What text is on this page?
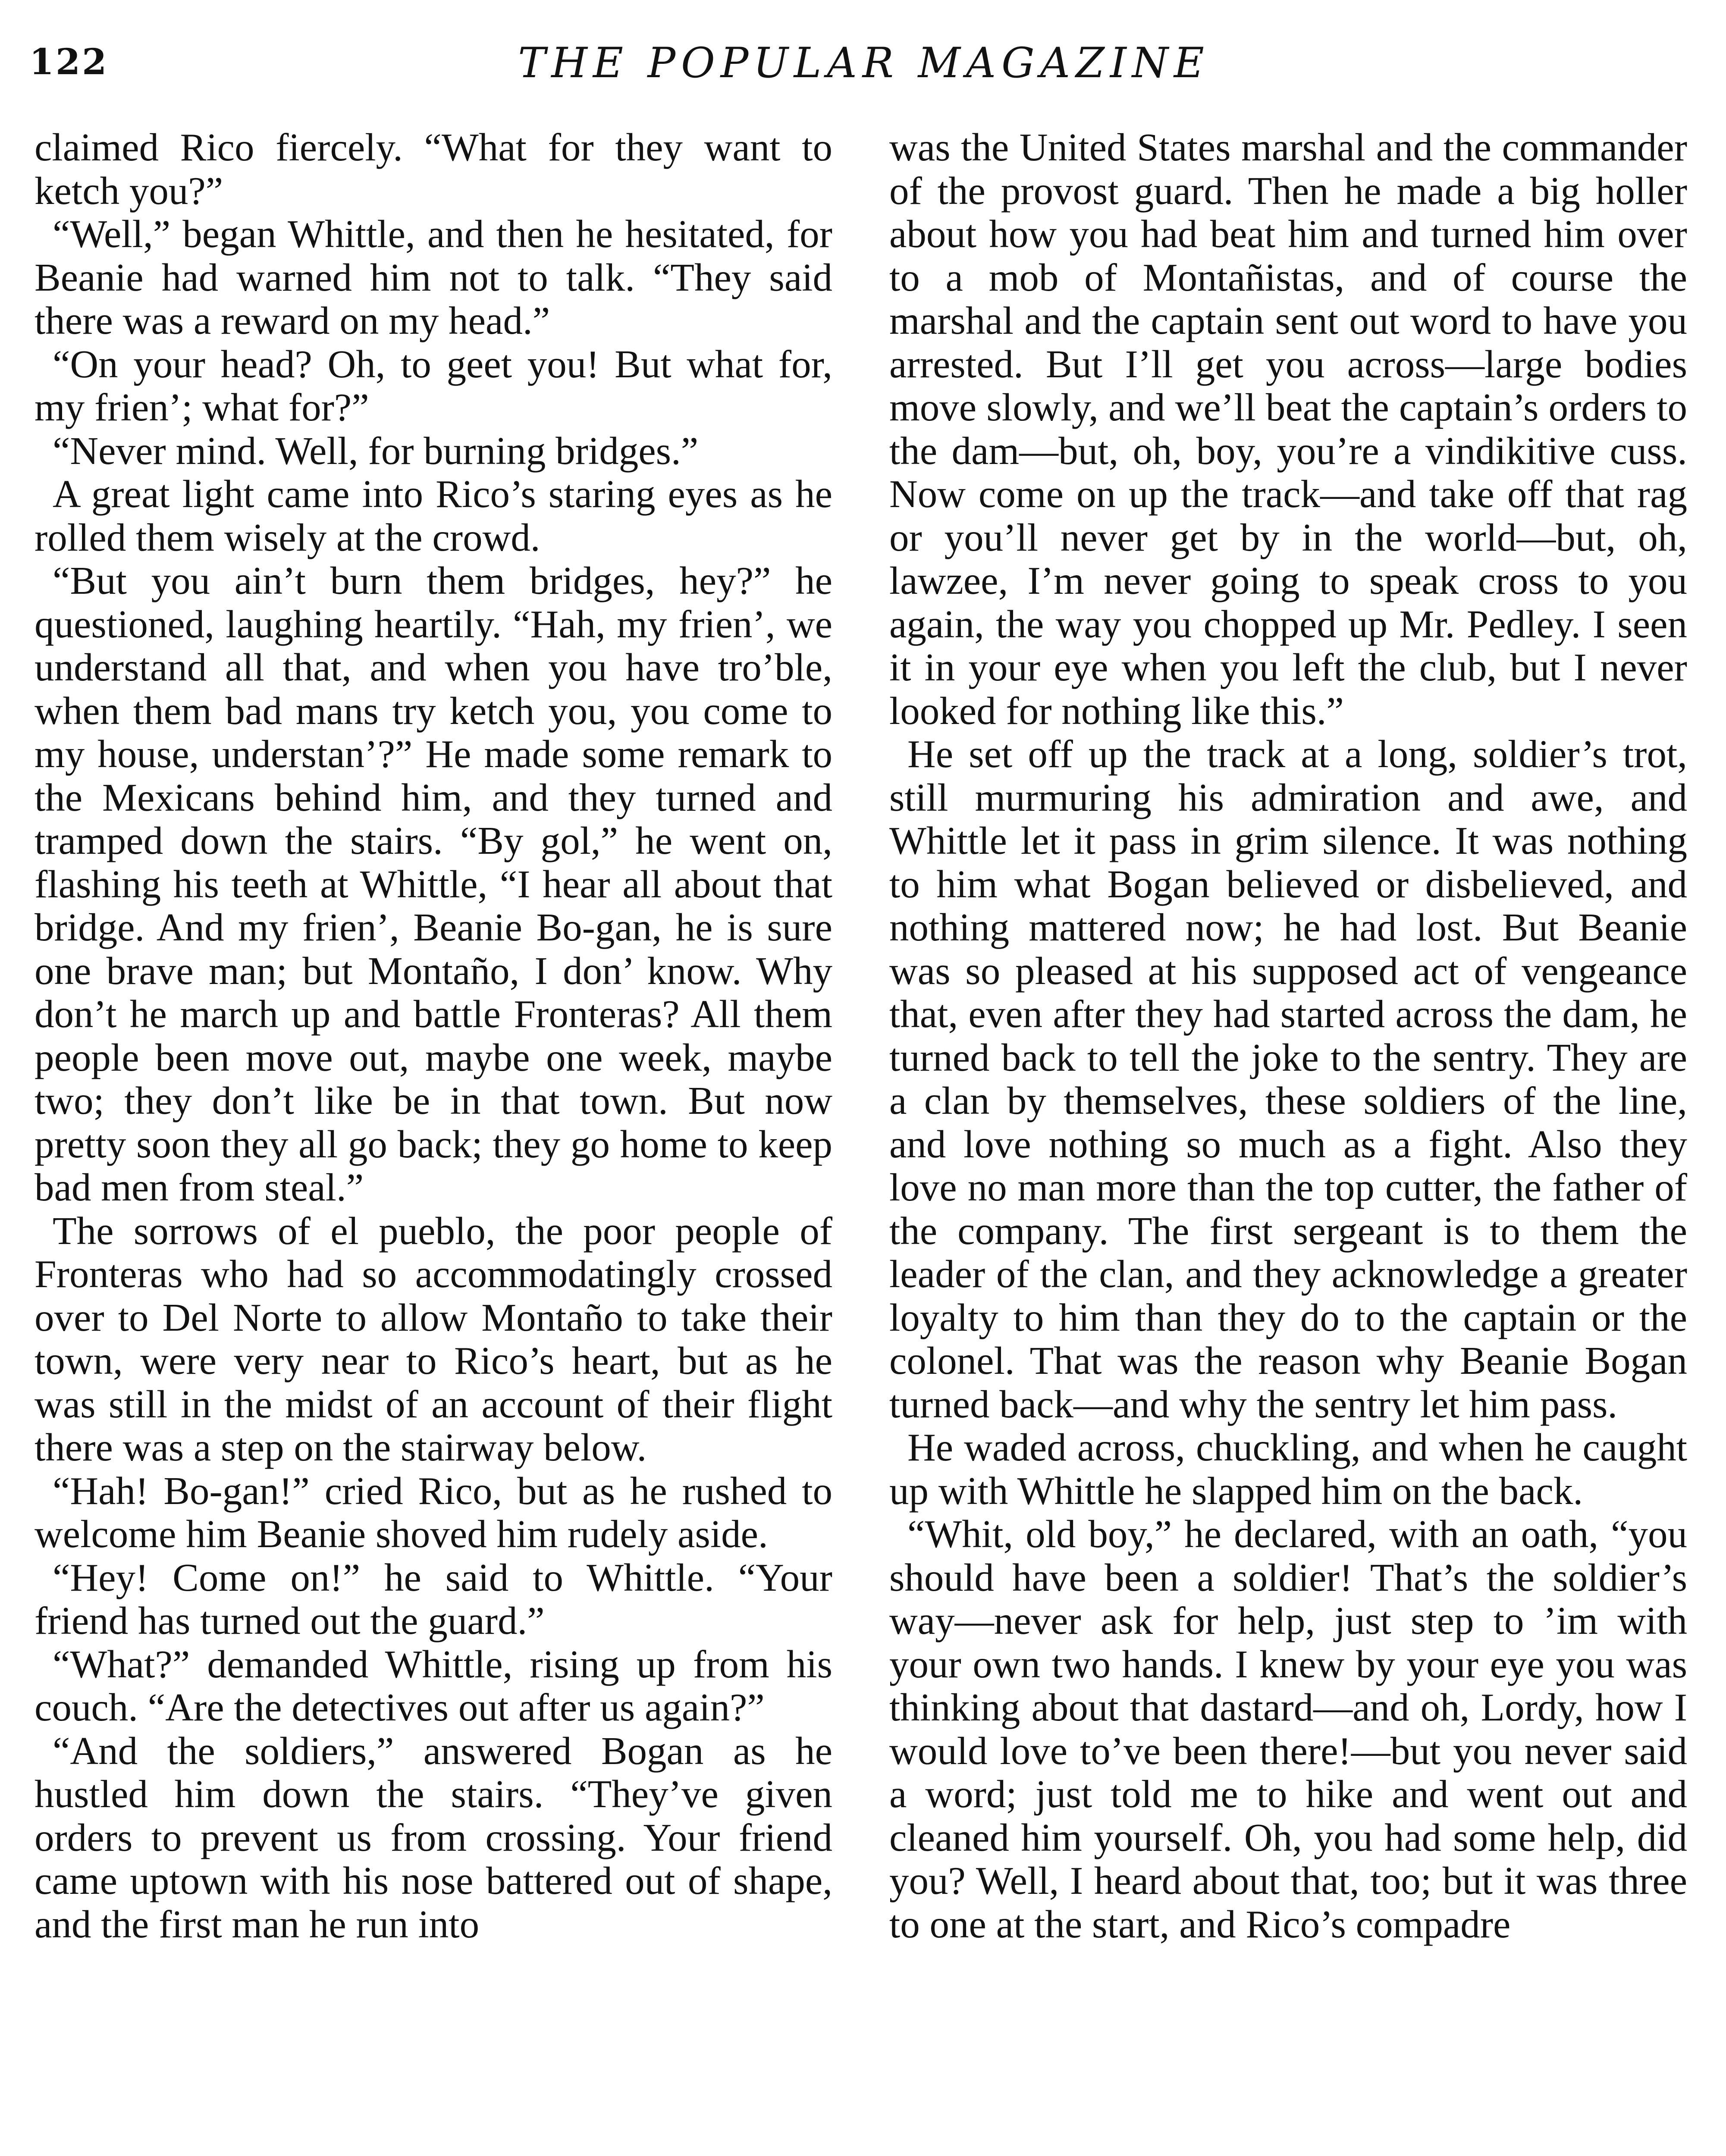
122	THE POPULAR MAGAZINE

claimed Rico fiercely. “What for they want to ketch you?”

“Well,” began Whittle, and then he hesitated, for Beanie had warned him not to talk. “They said there was a reward on my head.”

“On your head? Oh, to geet you! But what for, my frien’; what for?”

“Never mind. Well, for burning bridges.”

A great light came into Rico’s staring eyes as he rolled them wisely at the crowd.

“But you ain’t burn them bridges, hey?” he questioned, laughing heartily. “Hah, my frien’, we understand all that, and when you have tro’ble, when them bad mans try ketch you, you come to my house, understan’?” He made some remark to the Mexicans behind him, and they turned and tramped down the stairs. “By gol,” he went on, flashing his teeth at Whittle, “I hear all about that bridge. And my frien’, Beanie Bo-gan, he is sure one brave man; but Montaño, I don’ know. Why don’t he march up and battle Fronteras? All them people been move out, maybe one week, maybe two; they don’t like be in that town. But now pretty soon they all go back; they go home to keep bad men from steal.”

The sorrows of el pueblo, the poor people of Fronteras who had so accommodatingly crossed over to Del Norte to allow Montaño to take their town, were very near to Rico’s heart, but as he was still in the midst of an account of their flight there was a step on the stairway below.

“Hah! Bo-gan!” cried Rico, but as he rushed to welcome him Beanie shoved him rudely aside.

“Hey! Come on!” he said to Whittle. “Your friend has turned out the guard.”

“What?” demanded Whittle, rising up from his couch. “Are the detectives out after us again?”

“And the soldiers,” answered Bogan as he hustled him down the stairs. “They’ve given orders to prevent us from crossing. Your friend came uptown with his nose battered out of shape, and the first man he run into

was the United States marshal and the commander of the provost guard. Then he made a big holler about how you had beat him and turned him over to a mob of Montañistas, and of course the marshal and the captain sent out word to have you arrested. But I’ll get you across—large bodies move slowly, and we’ll beat the captain’s orders to the dam—but, oh, boy, you’re a vindikitive cuss. Now come on up the track—and take off that rag or you’ll never get by in the world—but, oh, lawzee, I’m never going to speak cross to you again, the way you chopped up Mr. Pedley. I seen it in your eye when you left the club, but I never looked for nothing like this.”

He set off up the track at a long, soldier’s trot, still murmuring his admiration and awe, and Whittle let it pass in grim silence. It was nothing to him what Bogan believed or disbelieved, and nothing mattered now; he had lost. But Beanie was so pleased at his supposed act of vengeance that, even after they had started across the dam, he turned back to tell the joke to the sentry. They are a clan by themselves, these soldiers of the line, and love nothing so much as a fight. Also they love no man more than the top cutter, the father of the company. The first sergeant is to them the leader of the clan, and they acknowledge a greater loyalty to him than they do to the captain or the colonel. That was the reason why Beanie Bogan turned back—and why the sentry let him pass.

He waded across, chuckling, and when he caught up with Whittle he slapped him on the back.

“Whit, old boy,” he declared, with an oath, “you should have been a soldier! That’s the soldier’s way—never ask for help, just step to ’im with your own two hands. I knew by your eye you was thinking about that dastard—and oh, Lordy, how I would love to’ve been there!—but you never said a word; just told me to hike and went out and cleaned him yourself. Oh, you had some help, did you? Well, I heard about that, too; but it was three to one at the start, and Rico’s compadre
